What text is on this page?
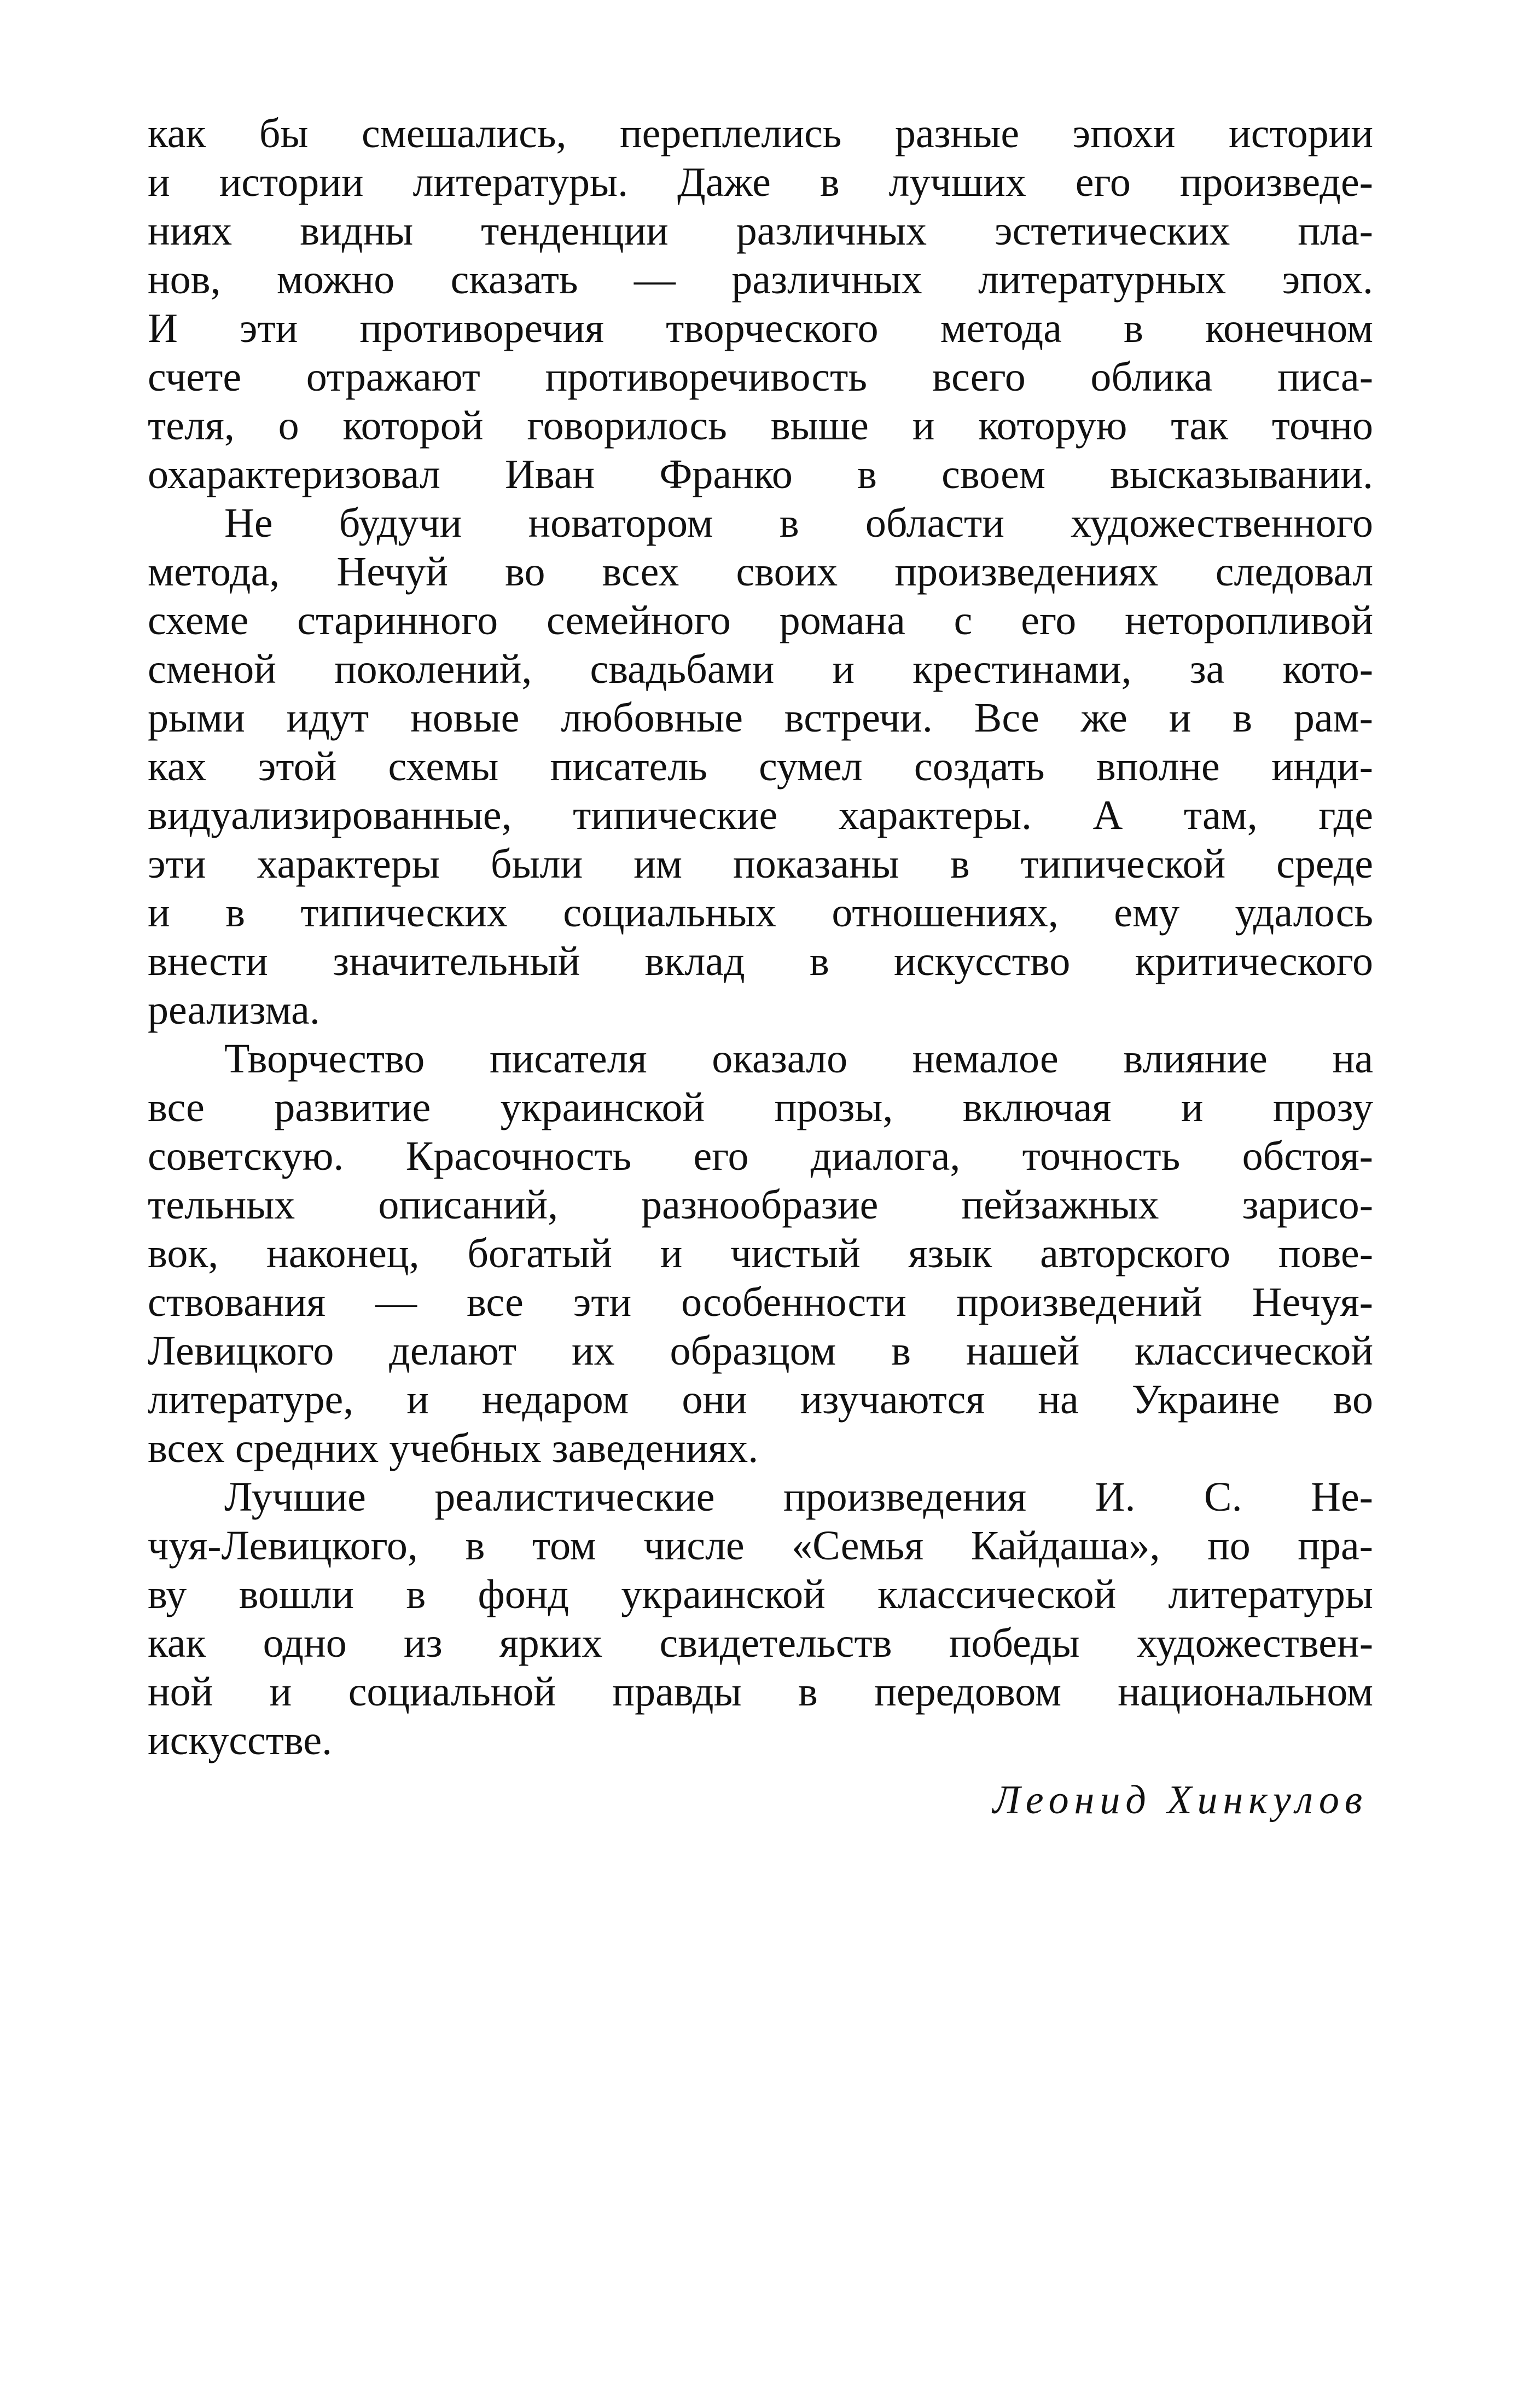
как бы смешались, переплелись разные эпохи истории
и истории литературы. Даже в лучших его произведе-
ниях видны тенденции различных эстетических пла-
нов, можно сказать — различных литературных эпох.
И эти противоречия творческого метода в конечном
счете отражают противоречивость всего облика писа-
теля, о которой говорилось выше и которую так точно
охарактеризовал Иван Франко в своем высказывании.
Не будучи новатором в области художественного
метода, Нечуй во всех своих произведениях следовал
схеме старинного семейного романа с его неторопливой
сменой поколений, свадьбами и крестинами, за кото-
рыми идут новые любовные встречи. Все же и в рам-
ках этой схемы писатель сумел создать вполне инди-
видуализированные, типические характеры. А там, где
эти характеры были им показаны в типической среде
и в типических социальных отношениях, ему удалось
внести значительный вклад в искусство критического
реализма.
Творчество писателя оказало немалое влияние на
все развитие украинской прозы, включая и прозу
советскую. Красочность его диалога, точность обстоя-
тельных описаний, разнообразие пейзажных зарисо-
вок, наконец, богатый и чистый язык авторского пове-
ствования — все эти особенности произведений Нечуя-
Левицкого делают их образцом в нашей классической
литературе, и недаром они изучаются на Украине во
всех средних учебных заведениях.
Лучшие реалистические произведения И. С. Не-
чуя-Левицкого, в том числе «Семья Кайдаша», по пра-
ву вошли в фонд украинской классической литературы
как одно из ярких свидетельств победы художествен-
ной и социальной правды в передовом национальном
искусстве.
Леонид Хинкулов
